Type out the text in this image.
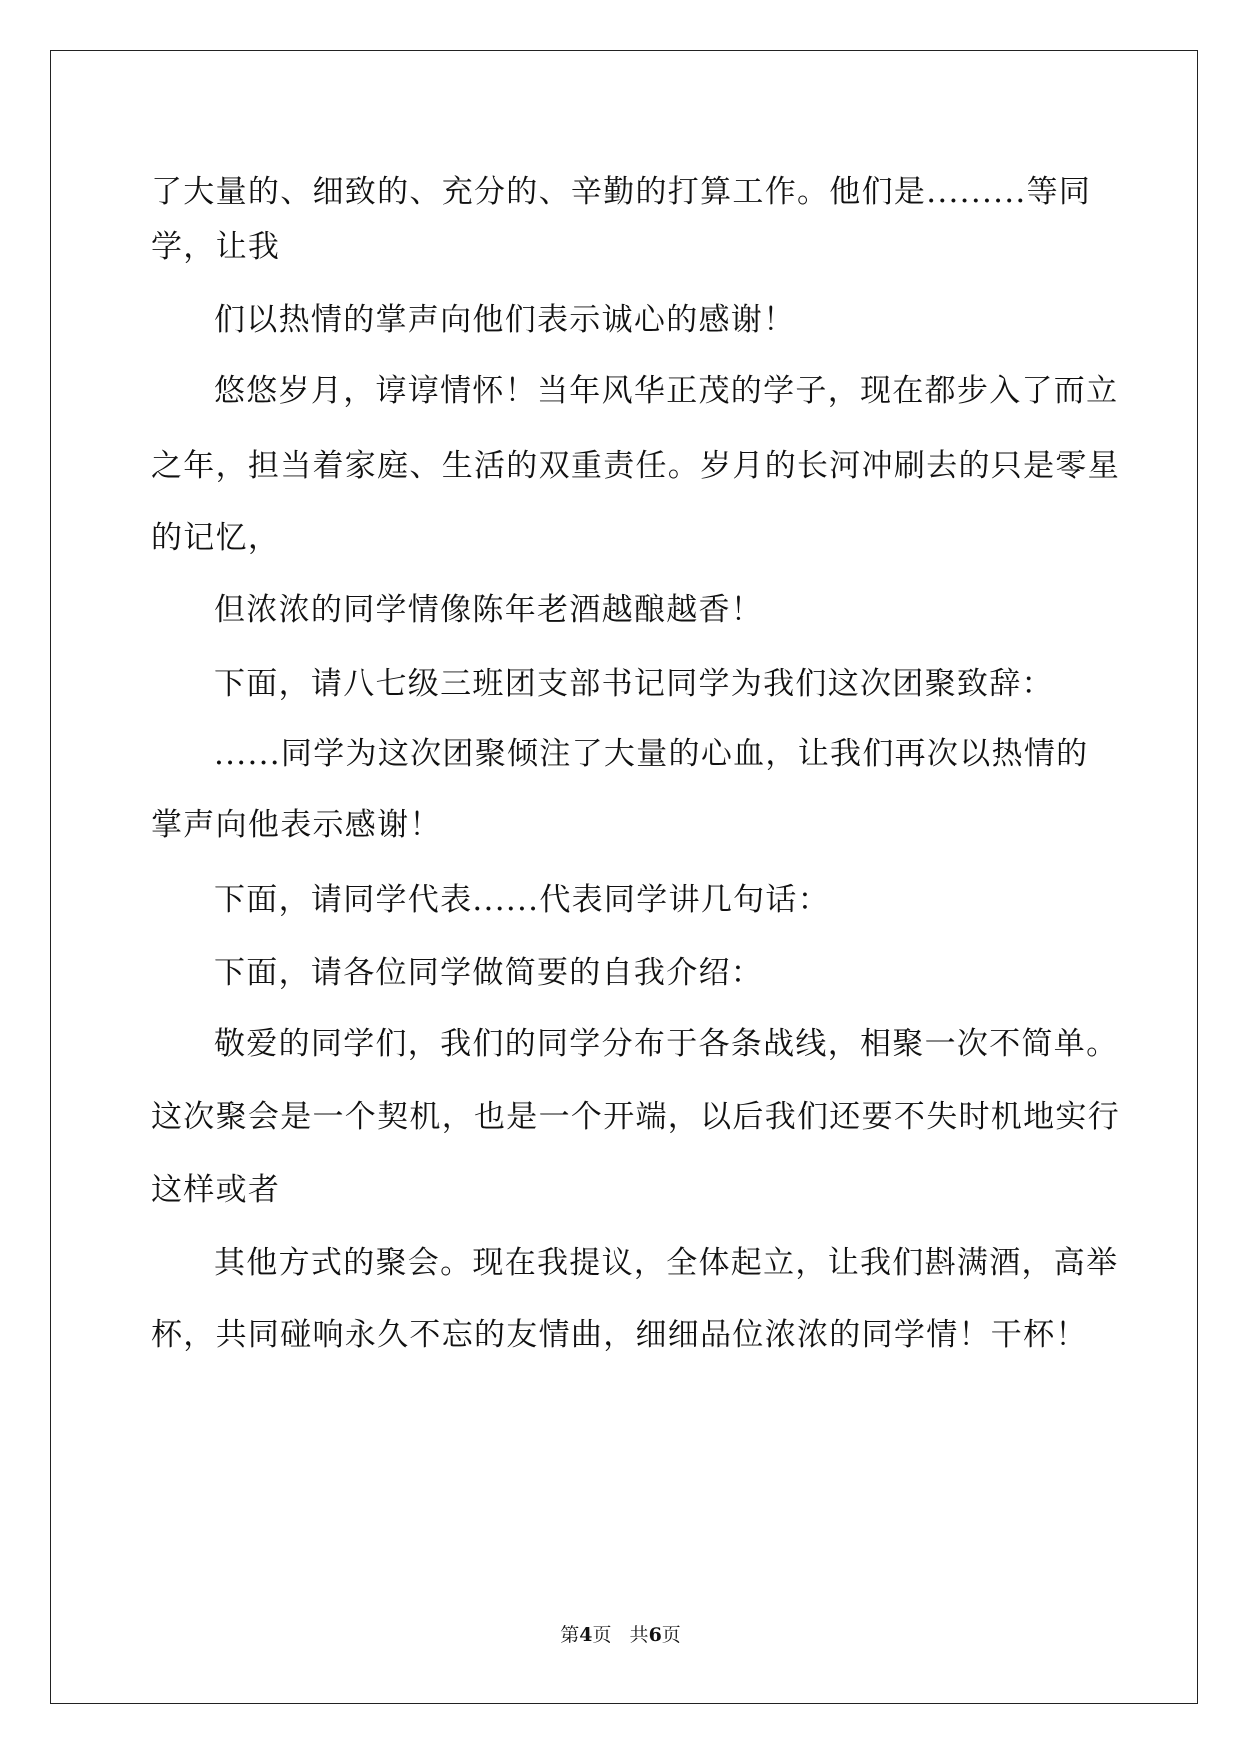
了大量的、细致的、充分的、辛勤的打算工作。他们是.........等同
学，让我
们以热情的掌声向他们表示诚心的感谢！
悠悠岁月，谆谆情怀！当年风华正茂的学子，现在都步入了而立
之年，担当着家庭、生活的双重责任。岁月的长河冲刷去的只是零星
的记忆，
但浓浓的同学情像陈年老酒越酿越香！
下面，请八七级三班团支部书记同学为我们这次团聚致辞：
......同学为这次团聚倾注了大量的心血，让我们再次以热情的
掌声向他表示感谢！
下面，请同学代表......代表同学讲几句话：
下面，请各位同学做简要的自我介绍：
敬爱的同学们，我们的同学分布于各条战线，相聚一次不简单。
这次聚会是一个契机，也是一个开端，以后我们还要不失时机地实行
这样或者
其他方式的聚会。现在我提议，全体起立，让我们斟满酒，高举
杯，共同碰响永久不忘的友情曲，细细品位浓浓的同学情！干杯！
第4页   共6页
